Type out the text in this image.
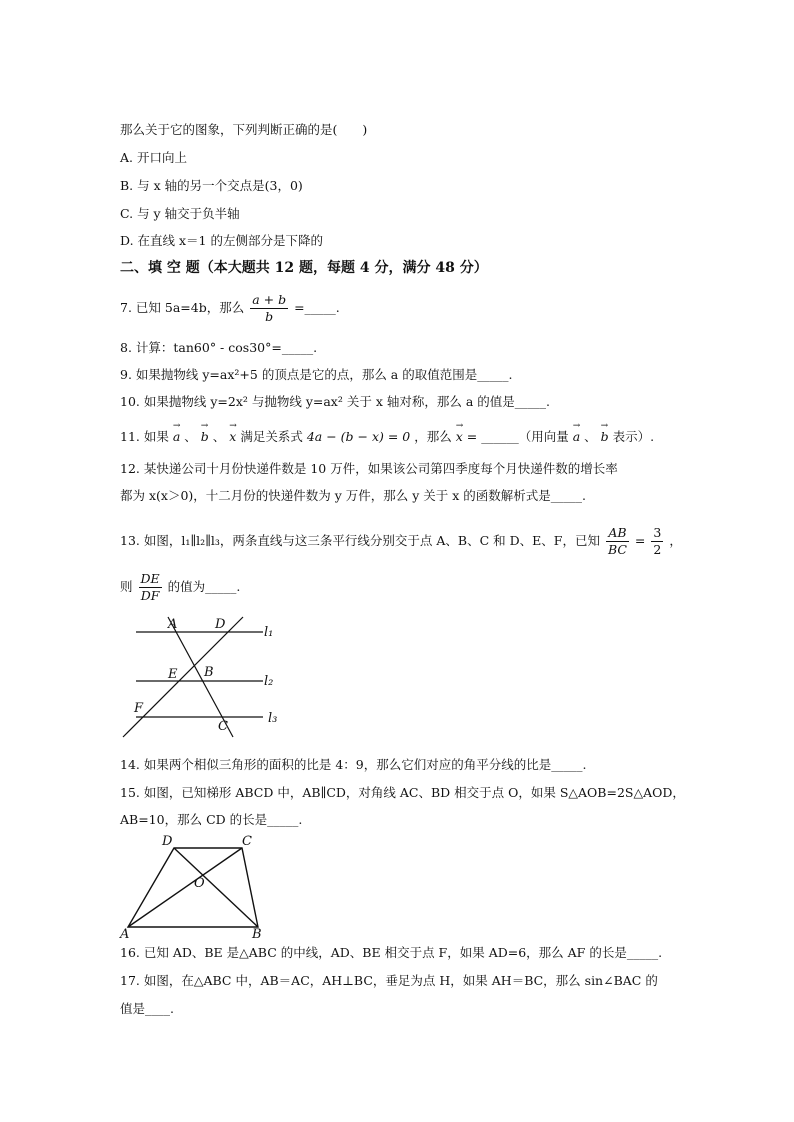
那么关于它的图象，下列判断正确的是(　　)
A. 开口向上
B. 与 x 轴的另一个交点是(3，0)
C. 与 y 轴交于负半轴
D. 在直线 x＝1 的左侧部分是下降的
二、填 空 题（本大题共 12 题，每题 4 分，满分 48 分）
7. 已知 5a=4b，那么 $\frac{a + b}{b}$ =_____.
8. 计算：tan60° - cos30°=_____.
9. 如果抛物线 y=ax²+5 的顶点是它的点，那么 a 的取值范围是_____.
10. 如果抛物线 y=2x² 与抛物线 y=ax² 关于 x 轴对称，那么 a 的值是_____.
11. 如果 → a 、 → b 、 → x 满足关系式 4a − (b − x) = 0 ，那么 → x = ______（用向量 → a 、 → b 表示）.
12. 某快递公司十月份快递件数是 10 万件，如果该公司第四季度每个月快递件数的增长率
都为 x(x＞0)，十二月份的快递件数为 y 万件，那么 y 关于 x 的函数解析式是_____.
13. 如图，l₁∥l₂∥l₃，两条直线与这三条平行线分别交于点 A、B、C 和 D、E、F，已知 $\frac{AB}{BC} = \frac{3}{2}$ ，
则 $\frac{DE}{DF}$ 的值为_____.
A	D
E B
F
C
l₁
l₂
l₃
14. 如果两个相似三角形的面积的比是 4：9，那么它们对应的角平分线的比是_____.
15. 如图，已知梯形 ABCD 中，AB∥CD，对角线 AC、BD 相交于点 O，如果 S△AOB=2S△AOD，
AB=10，那么 CD 的长是_____.
D	C
O
A	B
16. 已知 AD、BE 是△ABC 的中线，AD、BE 相交于点 F，如果 AD=6，那么 AF 的长是_____.
17. 如图，在△ABC 中，AB＝AC，AH⊥BC，垂足为点 H，如果 AH＝BC，那么 sin∠BAC 的
值是____.
